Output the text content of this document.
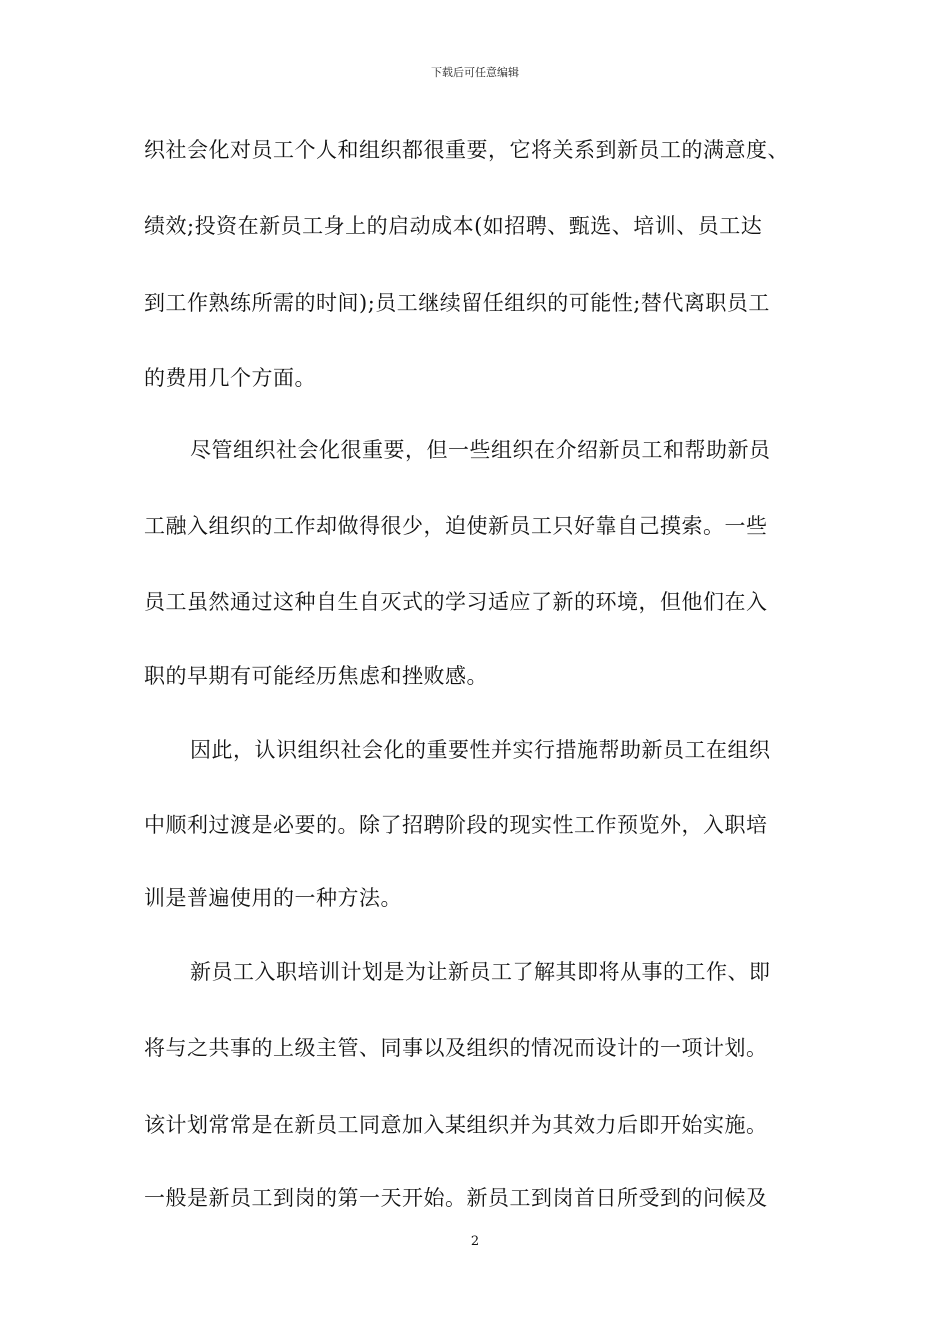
下载后可任意编辑
织社会化对员工个人和组织都很重要，它将关系到新员工的满意度、
绩效;投资在新员工身上的启动成本(如招聘、甄选、培训、员工达
到工作熟练所需的时间);员工继续留任组织的可能性;替代离职员工
的费用几个方面。
尽管组织社会化很重要，但一些组织在介绍新员工和帮助新员
工融入组织的工作却做得很少，迫使新员工只好靠自己摸索。一些
员工虽然通过这种自生自灭式的学习适应了新的环境，但他们在入
职的早期有可能经历焦虑和挫败感。
因此，认识组织社会化的重要性并实行措施帮助新员工在组织
中顺利过渡是必要的。除了招聘阶段的现实性工作预览外，入职培
训是普遍使用的一种方法。
新员工入职培训计划是为让新员工了解其即将从事的工作、即
将与之共事的上级主管、同事以及组织的情况而设计的一项计划。
该计划常常是在新员工同意加入某组织并为其效力后即开始实施。
一般是新员工到岗的第一天开始。新员工到岗首日所受到的问候及
2
